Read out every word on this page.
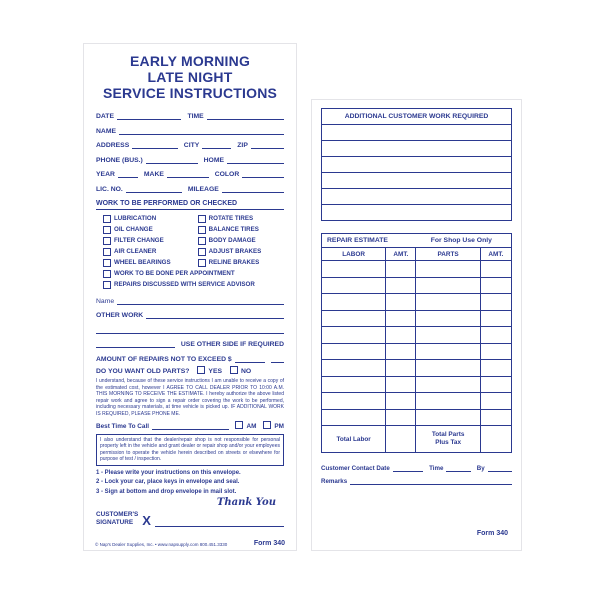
EARLY MORNING
LATE NIGHT
SERVICE INSTRUCTIONS
DATE	TIME
NAME
ADDRESS	CITY	ZIP
PHONE (BUS.)	HOME
YEAR	MAKE	COLOR
LIC. NO.	MILEAGE
WORK TO BE PERFORMED OR CHECKED
LUBRICATION	ROTATE TIRES
OIL CHANGE	BALANCE TIRES
FILTER CHANGE	BODY DAMAGE
AIR CLEANER	ADJUST BRAKES
WHEEL BEARINGS	RELINE BRAKES
WORK TO BE DONE PER APPOINTMENT
REPAIRS DISCUSSED WITH SERVICE ADVISOR
Name
OTHER WORK
USE OTHER SIDE IF REQUIRED
AMOUNT OF REPAIRS NOT TO EXCEED $
DO YOU WANT OLD PARTS?	YES	NO
I understand, because of these service instructions I am unable to receive a copy of the estimated cost, however I AGREE TO CALL DEALER PRIOR TO 10:00 A.M. THIS MORNING TO RECEIVE THE ESTIMATE. I hereby authorize the above listed repair work and agree to sign a repair order covering the work to be performed, including necessary materials, at time vehicle is picked up. IF ADDITIONAL WORK IS REQUIRED, PLEASE PHONE ME.
Best Time To Call	AM	PM
I also understand that the dealer/repair shop is not responsible for personal property left in the vehicle and grant dealer or repair shop and/or your employees permission to operate the vehicle herein described on streets or elsewhere for purpose of test / inspection.
1 - Please write your instructions on this envelope.
2 - Lock your car, place keys in envelope and seal.
3 - Sign at bottom and drop envelope in mail slot.
Thank You
CUSTOMER'S
SIGNATURE X
© Nap's Dealer Supplies, Inc. • www.napsupply.com 800.451.3330	Form 340
ADDITIONAL CUSTOMER WORK REQUIRED
REPAIR ESTIMATE	For Shop Use Only
LABOR	AMT.	PARTS	AMT.
Total Labor
Total Parts
Plus Tax
Customer Contact Date	Time	By
Remarks
Form 340
